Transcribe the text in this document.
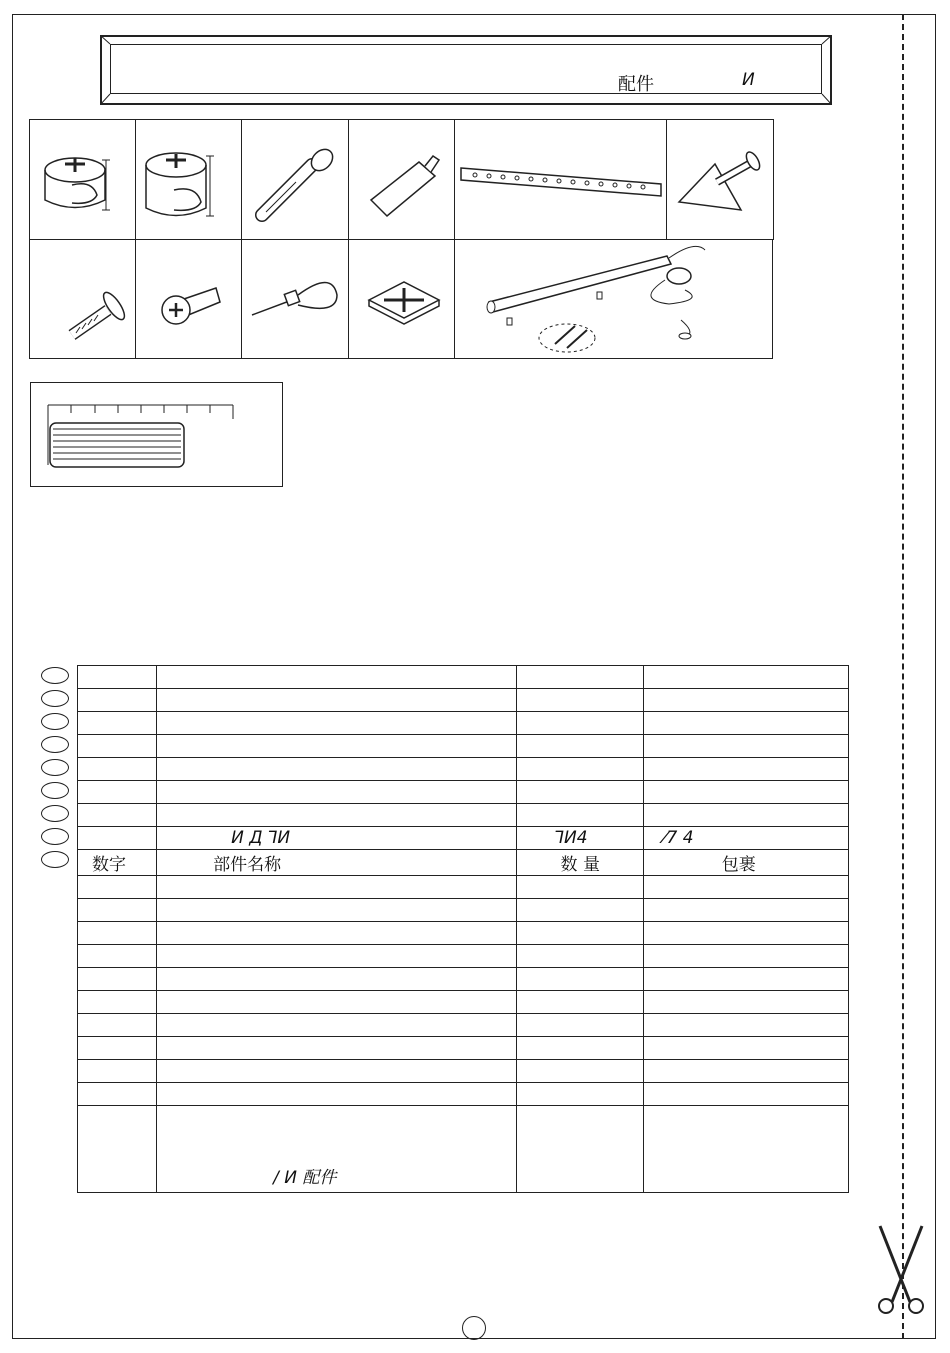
配件	И

	И Д ⅂И	⅂И4	⁄7 4
数字	部件名称	数 量	包裹

	/ И 配件		
